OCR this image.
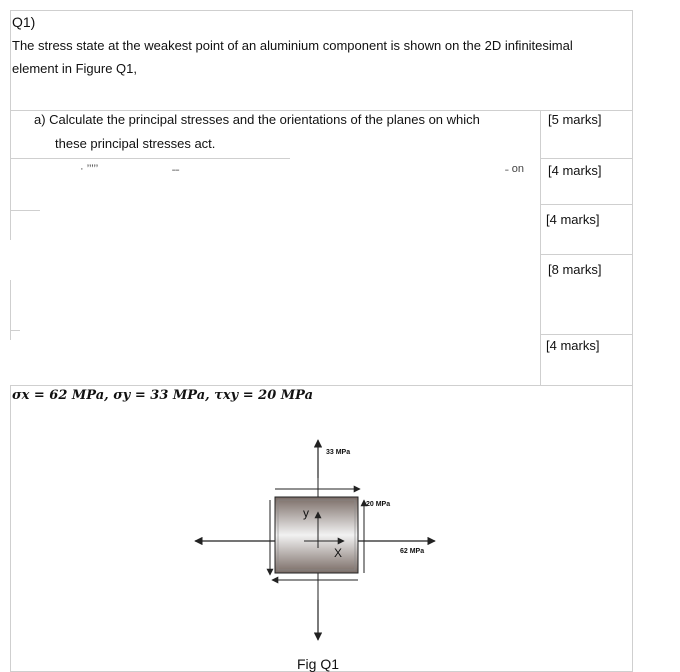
Q1)
The stress state at the weakest point of an aluminium component is shown on the 2D infinitesimal
element in Figure Q1,
a) Calculate the principal stresses and the orientations of the planes on which
these principal stresses act.
[5 marks]
· ’’’’’	˗˗	˗ on [4 marks]
[4 marks]
[8 marks]
[4 marks]
σx = 62 MPa, σy = 33 MPa, τxy = 20 MPa
33 MPa
20 MPa
62 MPa
y
X
Fig Q1
